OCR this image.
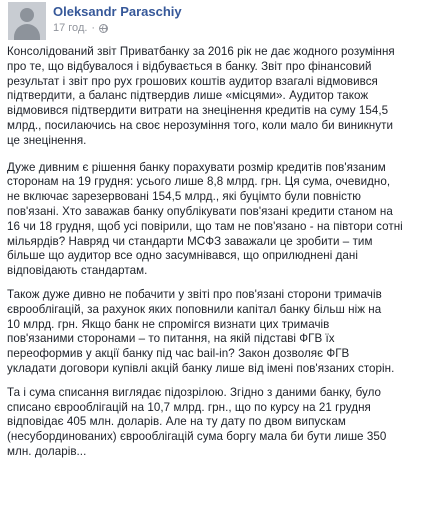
Oleksandr Paraschiy
17 год. ·

Консолідований звіт Приватбанку за 2016 рік не дає жодного розуміння
про те, що відбувалося і відбувається в банку. Звіт про фінансовий
результат і звіт про рух грошових коштів аудитор взагалі відмовився
підтвердити, а баланс підтвердив лише «місцями». Аудитор також
відмовився підтвердити витрати на знецінення кредитів на суму 154,5
млрд., посилаючись на своє нерозуміння того, коли мало би виникнути
це знецінення.

Дуже дивним є рішення банку порахувати розмір кредитів пов'язаним
сторонам на 19 грудня: усього лише 8,8 млрд. грн. Ця сума, очевидно,
не включає зарезервовані 154,5 млрд., які буцімто були повністю
пов'язані. Хто заважав банку опублікувати пов'язані кредити станом на
16 чи 18 грудня, щоб усі повірили, що там не пов'язано - на півтори сотні
мільярдів? Навряд чи стандарти МСФЗ заважали це зробити – тим
більше що аудитор все одно засумнівався, що оприлюднені дані
відповідають стандартам.

Також дуже дивно не побачити у звіті про пов'язані сторони тримачів
єврооблігацій, за рахунок яких поповнили капітал банку більш ніж на
10 млрд. грн. Якщо банк не спромігся визнати цих тримачів
пов'язаними сторонами – то питання, на якій підставі ФГВ їх
переоформив у акції банку під час bail-in? Закон дозволяє ФГВ
укладати договори купівлі акцій банку лише від імені пов'язаних сторін.

Та і сума списання виглядає підозрілою. Згідно з даними банку, було
списано єврооблігацій на 10,7 млрд. грн., що по курсу на 21 грудня
відповідає 405 млн. доларів. Але на ту дату по двом випускам
(несубординованих) єврооблігацій сума боргу мала би бути лише 350
млн. доларів...
